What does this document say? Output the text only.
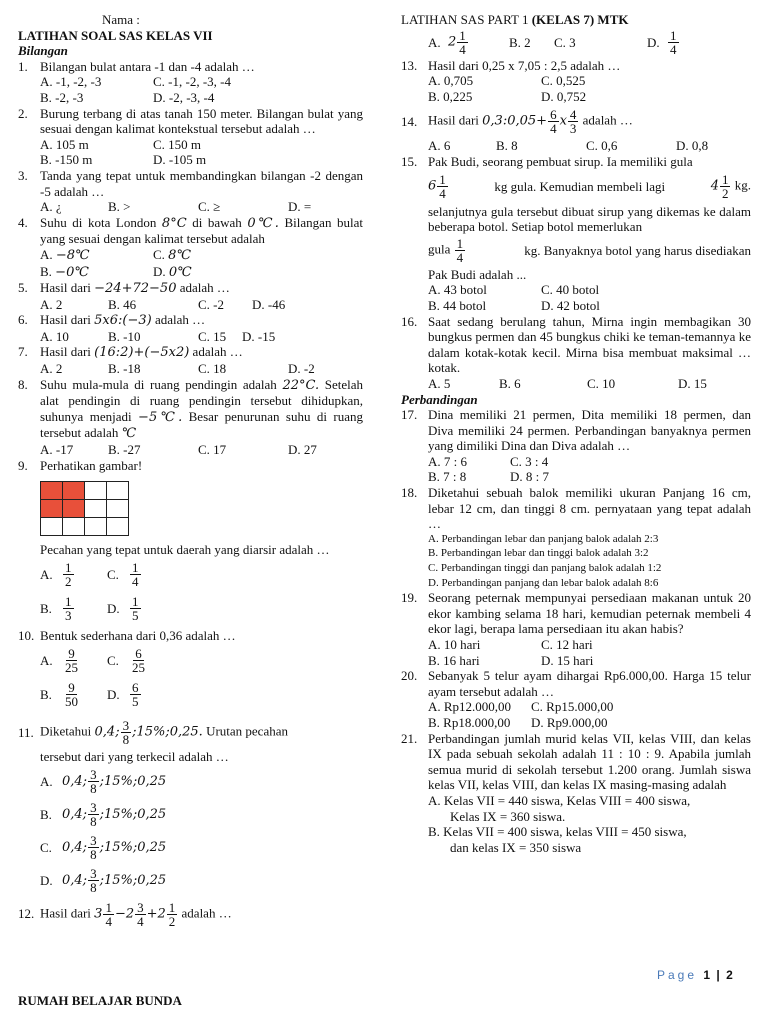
Nama :
LATIHAN SOAL SAS KELAS VII
Bilangan
1. Bilangan bulat antara -1 dan -4 adalah …
A. -1, -2, -3	C. -1, -2, -3, -4
B. -2, -3	D. -2, -3, -4
2. Burung terbang di atas tanah 150 meter. Bilangan bulat yang sesuai dengan kalimat kontekstual tersebut adalah …
A. 105 m	C. 150 m
B. -150 m	D. -105 m
3. Tanda yang tepat untuk membandingkan bilangan -2 dengan -5 adalah …
A. ¿	B. >	C. ≥	D. =
4. Suhu di kota London 8°C di bawah 0℃. Bilangan bulat yang sesuai dengan kalimat tersebut adalah
A. −8℃	C. 8℃
B. −0℃	D. 0℃
5. Hasil dari −24+72−50 adalah …
A. 2	B. 46	C. -2	D. -46
6. Hasil dari 5x6:(−3) adalah …
A. 10	B. -10	C. 15	D. -15
7. Hasil dari (16:2)+(−5x2) adalah …
A. 2	B. -18	C. 18	D. -2
8. Suhu mula-mula di ruang pendingin adalah 22°C. Setelah alat pendingin di ruang pendingin tersebut dihidupkan, suhunya menjadi −5℃. Besar penurunan suhu di ruang tersebut adalah ℃
A. -17	B. -27	C. 17	D. 27
9. Perhatikan gambar!
Pecahan yang tepat untuk daerah yang diarsir adalah …
A. $\frac{1}{2}$	C. $\frac{1}{4}$
B. $\frac{1}{3}$	D. $\frac{1}{5}$
10. Bentuk sederhana dari 0,36 adalah …
A. $\frac{9}{25} C$. $\frac{6}{25}$
B. $\frac{9}{50} D$. $\frac{6}{5}$
11. Diketahui 0,4; $\frac{3}{8}$ ;15%;0,25. Urutan pecahan
tersebut dari yang terkecil adalah …
A. 0,4; $\frac{3}{8}$ ;15%;0,25
B. 0,4; $\frac{3}{8}$ ;15%;0,25
C. 0,4; $\frac{3}{8}$ ;15%;0,25
D. 0,4; $\frac{3}{8}$ ;15%;0,25
12. Hasil dari $3 \frac{1}{4} -2 \frac{3}{4} +2 \frac{1}{2}$ adalah …
LATIHAN SAS PART 1 (KELAS 7) MTK
A. $2 \frac{1}{4}$	B. 2	C. 3	D. $\frac{1}{4}$
13. Hasil dari 0,25 x 7,05 : 2,5 adalah …
A. 0,705	C. 0,525
B. 0,225	D. 0,752
14. Hasil dari 0,3:0,05+ $\frac{6}{4}$ x $\frac{4}{3}$ adalah …
A. 6	B. 8	C. 0,6	D. 0,8
15. Pak Budi, seorang pembuat sirup. Ia memiliki gula
$6 \frac{1}{4}$	kg gula. Kemudian membeli lagi	$4 \frac{1}{2}$ kg.
selanjutnya gula tersebut dibuat sirup yang dikemas ke dalam beberapa botol. Setiap botol memerlukan
gula $\frac{1}{4}$	kg. Banyaknya botol yang harus disediakan
Pak Budi adalah ...
A. 43 botol	C. 40 botol
B. 44 botol	D. 42 botol
16. Saat sedang berulang tahun, Mirna ingin membagikan 30 bungkus permen dan 45 bungkus chiki ke teman-temannya ke dalam kotak-kotak kecil. Mirna bisa membuat maksimal … kotak.
A. 5	B. 6	C. 10	D. 15
Perbandingan
17. Dina memiliki 21 permen, Dita memiliki 18 permen, dan Diva memiliki 24 permen. Perbandingan banyaknya permen yang dimiliki Dina dan Diva adalah …
A. 7 : 6	C. 3 : 4
B. 7 : 8	D. 8 : 7
18. Diketahui sebuah balok memiliki ukuran Panjang 16 cm, lebar 12 cm, dan tinggi 8 cm. pernyataan yang tepat adalah …
A. Perbandingan lebar dan panjang balok adalah 2:3
B. Perbandingan lebar dan tinggi balok adalah 3:2
C. Perbandingan tinggi dan panjang balok adalah 1:2
D. Perbandingan panjang dan lebar balok adalah 8:6
19. Seorang peternak mempunyai persediaan makanan untuk 20 ekor kambing selama 18 hari, kemudian peternak membeli 4 ekor lagi, berapa lama persediaan itu akan habis?
A. 10 hari	C. 12 hari
B. 16 hari	D. 15 hari
20. Sebanyak 5 telur ayam dihargai Rp6.000,00. Harga 15 telur ayam tersebut adalah …
A. Rp12.000,00	C. Rp15.000,00
B. Rp18.000,00	D. Rp9.000,00
21. Perbandingan jumlah murid kelas VII, kelas VIII, dan kelas IX pada sebuah sekolah adalah 11 : 10 : 9. Apabila jumlah semua murid di sekolah tersebut 1.200 orang. Jumlah siswa kelas VII, kelas VIII, dan kelas IX masing-masing adalah
A. Kelas VII = 440 siswa, Kelas VIII = 400 siswa,
Kelas IX = 360 siswa.
B. Kelas VII = 400 siswa, kelas VIII = 450 siswa,
dan kelas IX = 350 siswa
Page 1 | 2
RUMAH BELAJAR BUNDA
